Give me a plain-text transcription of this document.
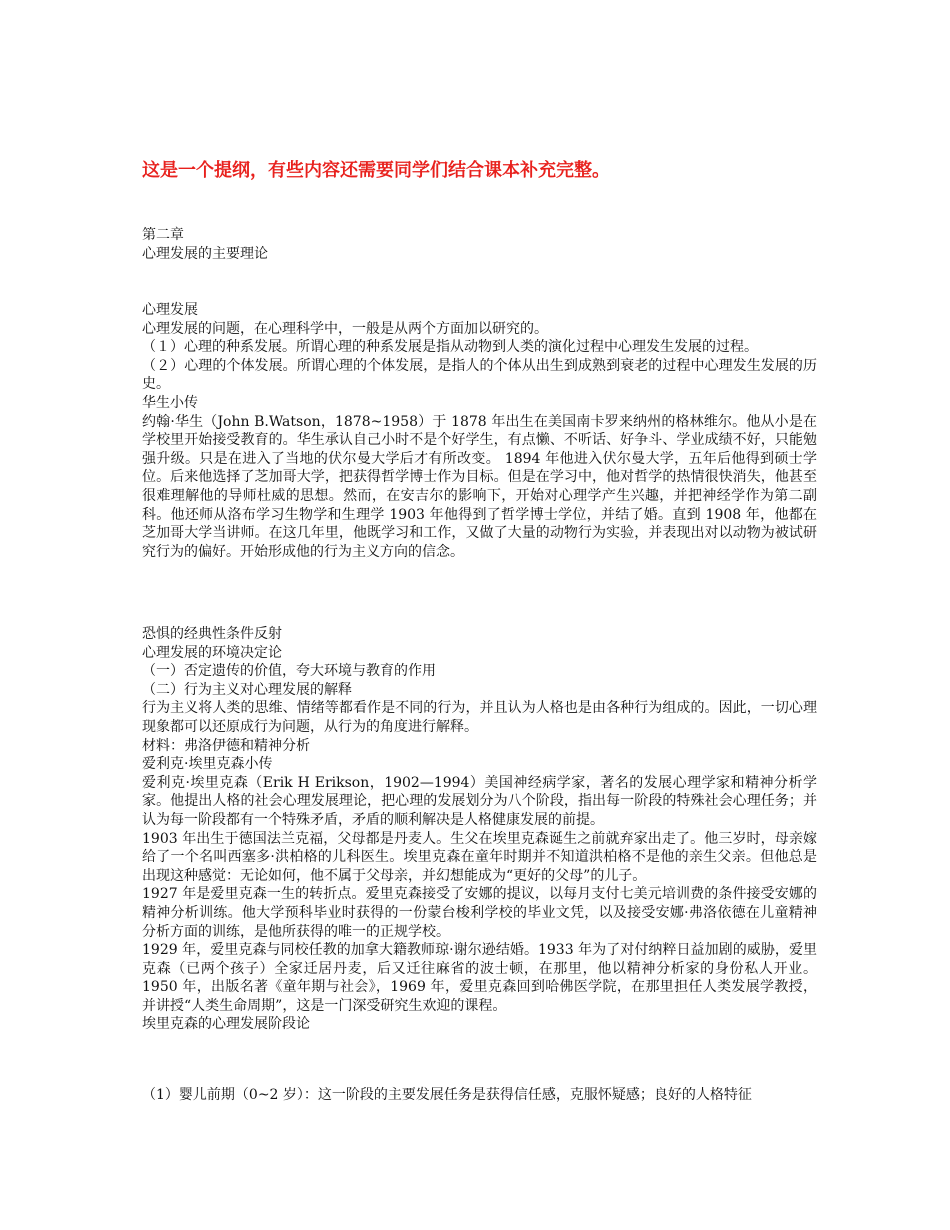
这是一个提纲，有些内容还需要同学们结合课本补充完整。

第二章

心理发展的主要理论

心理发展

心理发展的问题，在心理科学中，一般是从两个方面加以研究的。

（１）心理的种系发展。所谓心理的种系发展是指从动物到人类的演化过程中心理发生发展的过程。

（２）心理的个体发展。所谓心理的个体发展，是指人的个体从出生到成熟到衰老的过程中心理发生发展的历史。

华生小传

约翰·华生（John B.Watson，1878~1958）于 1878 年出生在美国南卡罗来纳州的格林维尔。他从小是在学校里开始接受教育的。华生承认自己小时不是个好学生，有点懒、不听话、好争斗、学业成绩不好，只能勉强升级。只是在进入了当地的伏尔曼大学后才有所改变。 1894 年他进入伏尔曼大学，五年后他得到硕士学位。后来他选择了芝加哥大学，把获得哲学博士作为目标。但是在学习中，他对哲学的热情很快消失，他甚至很难理解他的导师杜威的思想。然而，在安吉尔的影响下，开始对心理学产生兴趣，并把神经学作为第二副科。他还师从洛布学习生物学和生理学 1903 年他得到了哲学博士学位，并结了婚。直到 1908 年，他都在芝加哥大学当讲师。在这几年里，他既学习和工作，又做了大量的动物行为实验，并表现出对以动物为被试研究行为的偏好。开始形成他的行为主义方向的信念。

恐惧的经典性条件反射

心理发展的环境决定论

（一）否定遗传的价值，夸大环境与教育的作用

（二）行为主义对心理发展的解释

行为主义将人类的思维、情绪等都看作是不同的行为，并且认为人格也是由各种行为组成的。因此，一切心理现象都可以还原成行为问题，从行为的角度进行解释。

材料：弗洛伊德和精神分析

爱利克·埃里克森小传

爱利克·埃里克森（Erik H Erikson，1902—1994）美国神经病学家，著名的发展心理学家和精神分析学家。他提出人格的社会心理发展理论，把心理的发展划分为八个阶段，指出每一阶段的特殊社会心理任务；并认为每一阶段都有一个特殊矛盾，矛盾的顺利解决是人格健康发展的前提。

1903 年出生于德国法兰克福，父母都是丹麦人。生父在埃里克森诞生之前就弃家出走了。他三岁时，母亲嫁给了一个名叫西塞多·洪柏格的儿科医生。埃里克森在童年时期并不知道洪柏格不是他的亲生父亲。但他总是出现这种感觉：无论如何，他不属于父母亲，并幻想能成为“更好的父母”的儿子。

1927 年是爱里克森一生的转折点。爱里克森接受了安娜的提议，以每月支付七美元培训费的条件接受安娜的精神分析训练。他大学预科毕业时获得的一份蒙台梭利学校的毕业文凭，以及接受安娜·弗洛依德在儿童精神分析方面的训练，是他所获得的唯一的正规学校。

1929 年，爱里克森与同校任教的加拿大籍教师琼·谢尔逊结婚。1933 年为了对付纳粹日益加剧的威胁，爱里克森（已两个孩子）全家迁居丹麦，后又迁往麻省的波士顿，在那里，他以精神分析家的身份私人开业。1950 年，出版名著《童年期与社会》，1969 年，爱里克森回到哈佛医学院，在那里担任人类发展学教授，并讲授“人类生命周期”，这是一门深受研究生欢迎的课程。

埃里克森的心理发展阶段论

（1）婴儿前期（0~2 岁）：这一阶段的主要发展任务是获得信任感，克服怀疑感；良好的人格特征
